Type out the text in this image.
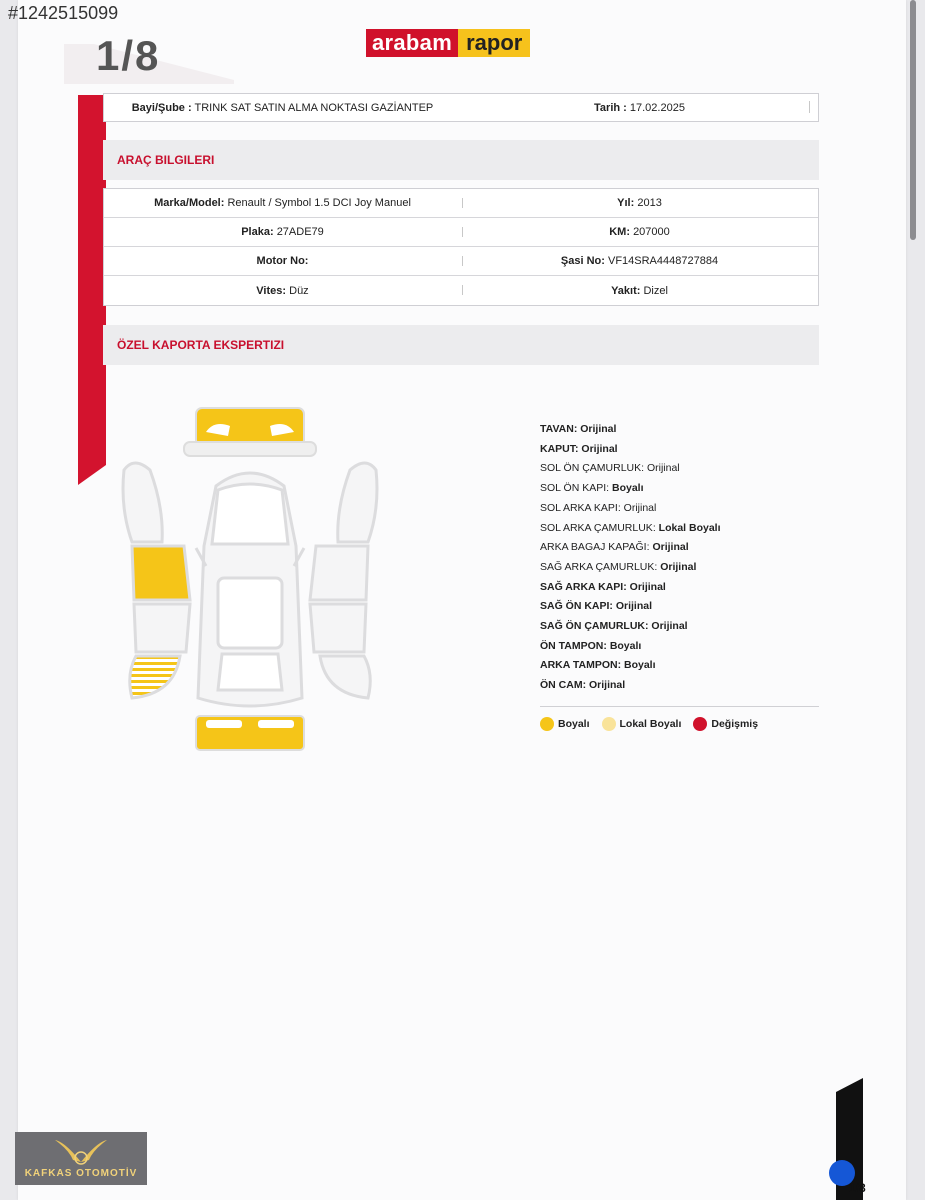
#1242515099
1/8	arabam rapor
Bayi/Şube : TRINK SAT SATIN ALMA NOKTASI GAZİANTEP	Tarih : 17.02.2025
ARAÇ BILGILERI
Marka/Model: Renault / Symbol 1.5 DCI Joy Manuel	Yıl: 2013
Plaka: 27ADE79	KM: 207000
Motor No:	Şasi No: VF14SRA4448727884
Vites: Düz	Yakıt: Dizel
ÖZEL KAPORTA EKSPERTIZI
TAVAN: Orijinal
KAPUT: Orijinal
SOL ÖN ÇAMURLUK: Orijinal
SOL ÖN KAPI: Boyalı
SOL ARKA KAPI: Orijinal
SOL ARKA ÇAMURLUK: Lokal Boyalı
ARKA BAGAJ KAPAĞI: Orijinal
SAĞ ARKA ÇAMURLUK: Orijinal
SAĞ ARKA KAPI: Orijinal
SAĞ ÖN KAPI: Orijinal
SAĞ ÖN ÇAMURLUK: Orijinal
ÖN TAMPON: Boyalı
ARKA TAMPON: Boyalı
ÖN CAM: Orijinal
Boyalı	Lokal Boyalı	Değişmiş
KAFKAS OTOMOTİV
1/8
